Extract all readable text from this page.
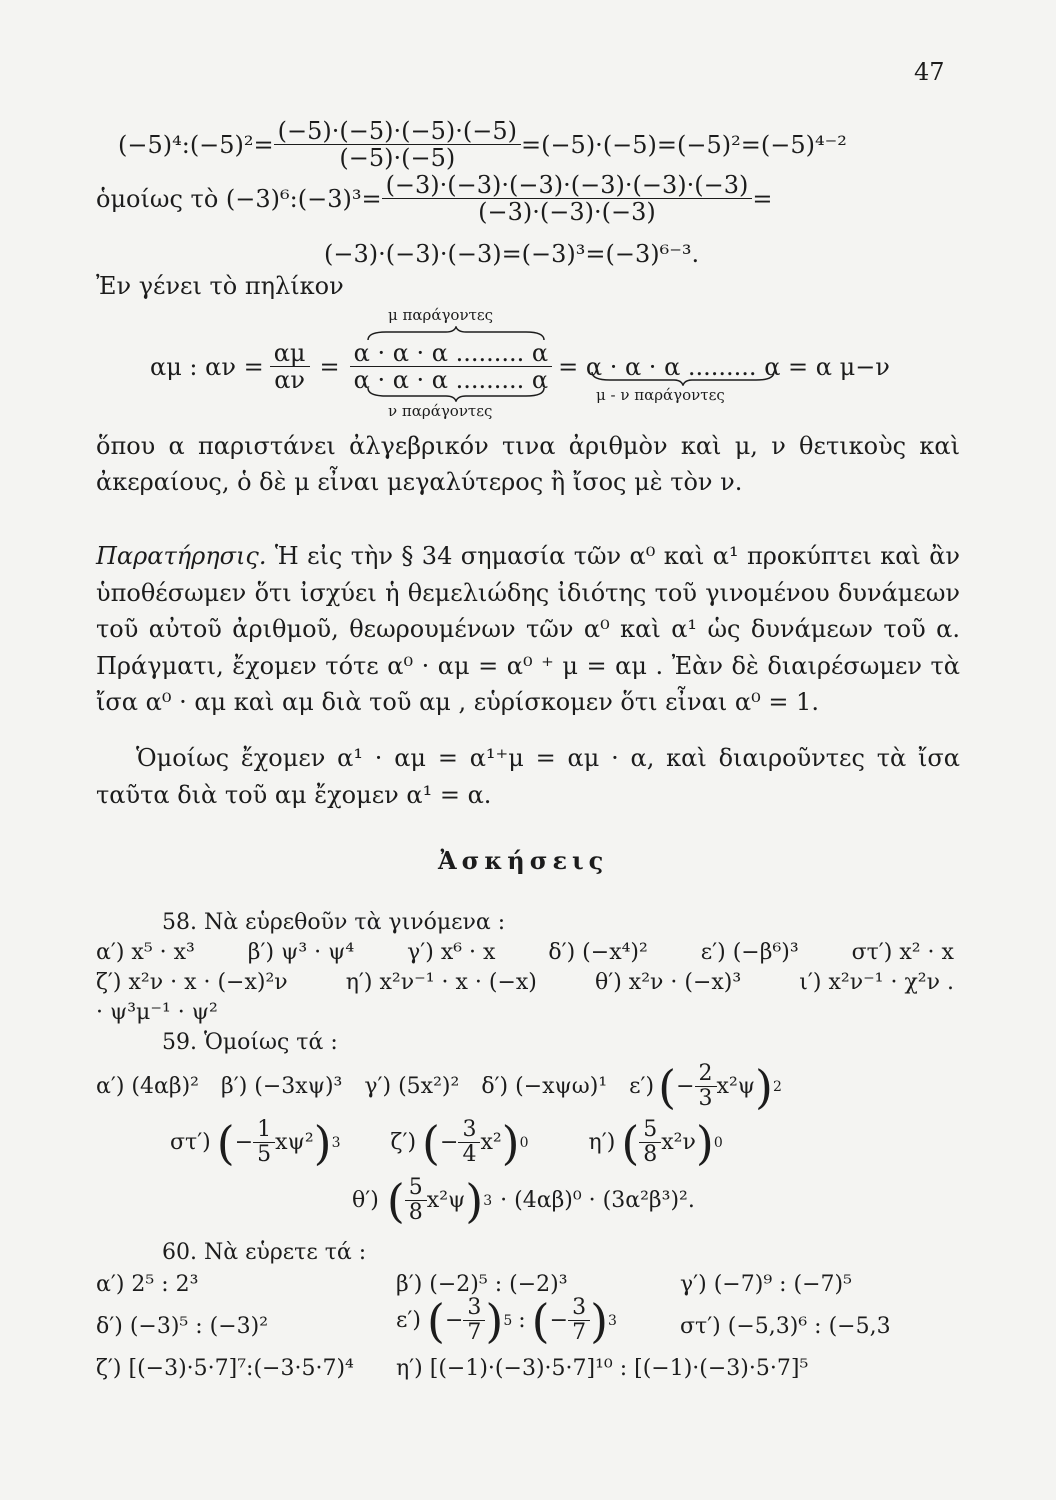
47
(−5)⁴:(−5)²= $\frac{(-5)\cdot(-5)\cdot(-5)\cdot(-5)}{(-5)\cdot(-5)} =(-5)\cdot(-5)=(-5)^2=(-5)^{4-2}$
ὁμοίως τὸ (−3)⁶:(−3)³= $\frac{(-3)\cdot(-3)\cdot(-3)\cdot(-3)\cdot(-3)\cdot(-3)}{(-3)\cdot(-3)\cdot(-3)}$ =
(−3)·(−3)·(−3)=(−3)³=(−3)⁶⁻³.
Ἐν γένει τὸ πηλίκον
μ παράγοντες
αμ : $\alpha\nu = \frac{\alpha\mu}{\alpha\nu} = \frac{\alpha \cdot \alpha \cdot \alpha ......... \alpha}{\alpha \cdot \alpha \cdot \alpha ......... \alpha} = \alpha \cdot \alpha \cdot \alpha$ ......... α = α μ−ν
ν παράγοντες
μ - ν παράγοντες
ὅπου α παριστάνει ἀλγεβρικόν τινα ἀριθμὸν καὶ μ, ν θετικοὺς καὶ ἀκεραίους, ὁ δὲ μ εἶναι μεγαλύτερος ἢ ἴσος μὲ τὸν ν.
Παρατήρησις. Ἡ εἰς τὴν § 34 σημασία τῶν α⁰ καὶ α¹ προκύπτει καὶ ἂν ὑποθέσωμεν ὅτι ἰσχύει ἡ θεμελιώδης ἰδιότης τοῦ γινομένου δυνάμεων τοῦ αὐτοῦ ἀριθμοῦ, θεωρουμένων τῶν α⁰ καὶ α¹ ὡς δυνάμεων τοῦ α. Πράγματι, ἔχομεν τότε α⁰ · αμ = α⁰ ⁺ μ = αμ . Ἐὰν δὲ διαιρέσωμεν τὰ ἴσα α⁰ · αμ καὶ αμ διὰ τοῦ αμ , εὑρίσκομεν ὅτι εἶναι α⁰ = 1.
Ὁμοίως ἔχομεν α¹ · αμ = α¹⁺μ = αμ · α, καὶ διαιροῦντες τὰ ἴσα ταῦτα διὰ τοῦ αμ ἔχομεν α¹ = α.
Ἀσκήσεις
58. Νὰ εὑρεθοῦν τὰ γινόμενα :
α′) x⁵ · x³ β′) ψ³ · ψ⁴ γ′) x⁶ · x δ′) (−x⁴)² ε′) (−β⁶)³ στ′) x² · x
ζ′) x²ν · x · (−x)²ν	η′) x²ν⁻¹ · x · (−x)	θ′) x²ν · (−x)³	ι′) x²ν⁻¹ · χ²ν .
· ψ³μ⁻¹ · ψ²
59. Ὁμοίως τά :
α′) (4αβ)² β′) (−3xψ)³ γ′) (5x²)² δ′) (−xψω)¹ ε′) ( − $\frac{2}{3} x^2\psi$ ) 2
στ′) ( − $\frac{1}{5} x\psi^2$ ) 3 ζ′) ( − $\frac{3}{4} x^2$ ) 0	η′) ( $\frac{5}{8} x^2\nu$ ) 0
θ′) ( $\frac{5}{8} x^2\psi$ ) 3 · (4αβ)⁰ · (3α²β³)².
60. Νὰ εὑρετε τά :
α′) 2⁵ : 2³	β′) (−2)⁵ : (−2)³	γ′) (−7)⁹ : (−7)⁵
δ′) (−3)⁵ : (−3)²	ε′) ( − $\frac{3}{7}$ ) 5 : ( − $\frac{3}{7}$ ) 3	στ′) (−5,3)⁶ : (−5,3
ζ′) [(−3)·5·7]⁷:(−3·5·7)⁴ η′) [(−1)·(−3)·5·7]¹⁰ : [(−1)·(−3)·5·7]⁵
